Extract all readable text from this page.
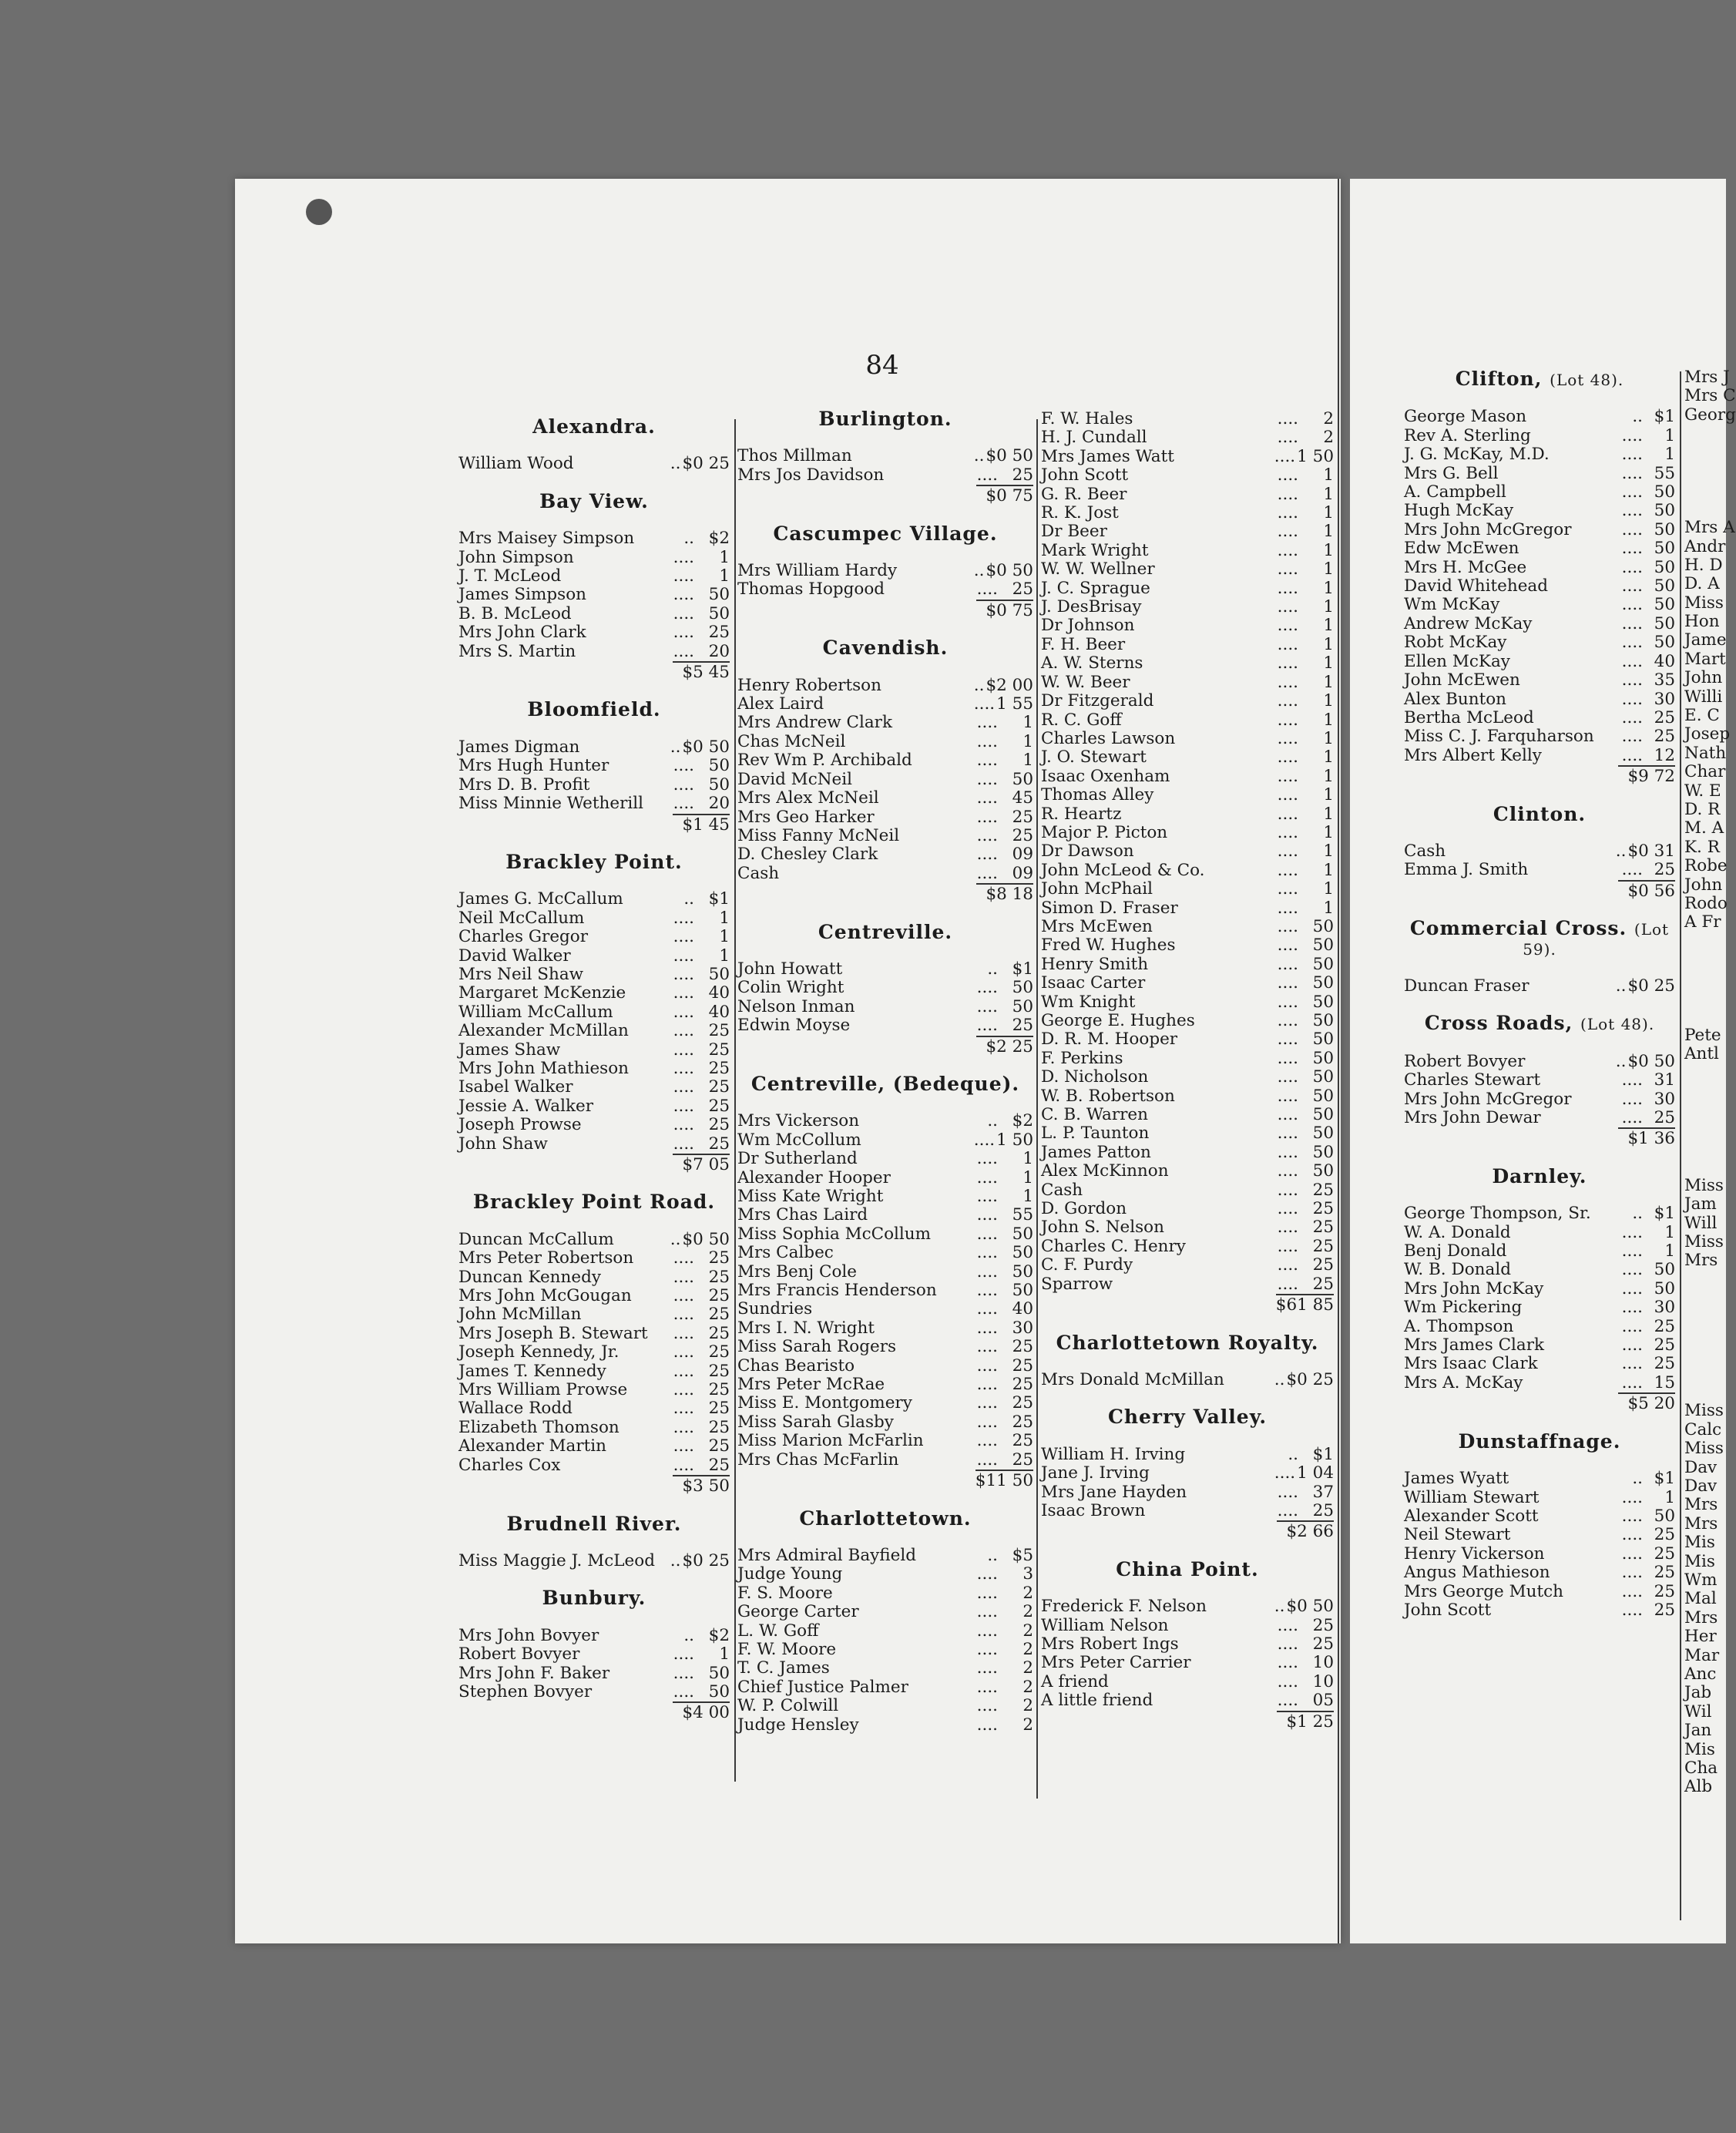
84
Alexandra.
William Wood	.. $0 25
Bay View.
Mrs Maisey Simpson	.. $2
John Simpson	....	1
J. T. McLeod	....	1
James Simpson	.... 50
B. B. McLeod	.... 50
Mrs John Clark	.... 25
Mrs S. Martin	.... 20
$5 45
Bloomfield.
James Digman	.. $0 50
Mrs Hugh Hunter	.... 50
Mrs D. B. Profit	.... 50
Miss Minnie Wetherill	.... 20
$1 45
Brackley Point.
James G. McCallum	.. $1
Neil McCallum	....	1
Charles Gregor	....	1
David Walker	....	1
Mrs Neil Shaw	.... 50
Margaret McKenzie	.... 40
William McCallum	.... 40
Alexander McMillan	.... 25
James Shaw	.... 25
Mrs John Mathieson	.... 25
Isabel Walker	.... 25
Jessie A. Walker	.... 25
Joseph Prowse	.... 25
John Shaw	.... 25
$7 05
Brackley Point Road.
Duncan McCallum	.. $0 50
Mrs Peter Robertson	.... 25
Duncan Kennedy	.... 25
Mrs John McGougan	.... 25
John McMillan	.... 25
Mrs Joseph B. Stewart	.... 25
Joseph Kennedy, Jr.	.... 25
James T. Kennedy	.... 25
Mrs William Prowse	.... 25
Wallace Rodd	.... 25
Elizabeth Thomson	.... 25
Alexander Martin	.... 25
Charles Cox	.... 25
$3 50
Brudnell River.
Miss Maggie J. McLeod .. $0 25
Bunbury.
Mrs John Bovyer	.. $2
Robert Bovyer	....	1
Mrs John F. Baker	.... 50
Stephen Bovyer	.... 50
$4 00
Burlington.
Thos Millman	.. $0 50
Mrs Jos Davidson	.... 25
$0 75
Cascumpec Village.
Mrs William Hardy	.. $0 50
Thomas Hopgood	.... 25
$0 75
Cavendish.
Henry Robertson	.. $2 00
Alex Laird	.... 1 55
Mrs Andrew Clark	....	1
Chas McNeil	....	1
Rev Wm P. Archibald	....	1
David McNeil	.... 50
Mrs Alex McNeil	.... 45
Mrs Geo Harker	.... 25
Miss Fanny McNeil	.... 25
D. Chesley Clark	.... 09
Cash	.... 09
$8 18
Centreville.
John Howatt	.. $1
Colin Wright	.... 50
Nelson Inman	.... 50
Edwin Moyse	.... 25
$2 25
Centreville, (Bedeque).
Mrs Vickerson	.. $2
Wm McCollum	.... 1 50
Dr Sutherland	....	1
Alexander Hooper	....	1
Miss Kate Wright	....	1
Mrs Chas Laird	.... 55
Miss Sophia McCollum	.... 50
Mrs Calbec	.... 50
Mrs Benj Cole	.... 50
Mrs Francis Henderson	.... 50
Sundries	.... 40
Mrs I. N. Wright	.... 30
Miss Sarah Rogers	.... 25
Chas Bearisto	.... 25
Mrs Peter McRae	.... 25
Miss E. Montgomery	.... 25
Miss Sarah Glasby	.... 25
Miss Marion McFarlin	.... 25
Mrs Chas McFarlin	.... 25
$11 50
Charlottetown.
Mrs Admiral Bayfield	.. $5
Judge Young	....	3
F. S. Moore	....	2
George Carter	....	2
L. W. Goff	....	2
F. W. Moore	....	2
T. C. James	....	2
Chief Justice Palmer	....	2
W. P. Colwill	....	2
Judge Hensley	....	2
F. W. Hales	....	2
H. J. Cundall	....	2
Mrs James Watt	.... 1 50
John Scott	....	1
G. R. Beer	....	1
R. K. Jost	....	1
Dr Beer	....	1
Mark Wright	....	1
W. W. Wellner	....	1
J. C. Sprague	....	1
J. DesBrisay	....	1
Dr Johnson	....	1
F. H. Beer	....	1
A. W. Sterns	....	1
W. W. Beer	....	1
Dr Fitzgerald	....	1
R. C. Goff	....	1
Charles Lawson	....	1
J. O. Stewart	....	1
Isaac Oxenham	....	1
Thomas Alley	....	1
R. Heartz	....	1
Major P. Picton	....	1
Dr Dawson	....	1
John McLeod & Co.	....	1
John McPhail	....	1
Simon D. Fraser	....	1
Mrs McEwen	.... 50
Fred W. Hughes	.... 50
Henry Smith	.... 50
Isaac Carter	.... 50
Wm Knight	.... 50
George E. Hughes	.... 50
D. R. M. Hooper	.... 50
F. Perkins	.... 50
D. Nicholson	.... 50
W. B. Robertson	.... 50
C. B. Warren	.... 50
L. P. Taunton	.... 50
James Patton	.... 50
Alex McKinnon	.... 50
Cash	.... 25
D. Gordon	.... 25
John S. Nelson	.... 25
Charles C. Henry	.... 25
C. F. Purdy	.... 25
Sparrow	.... 25
$61 85
Charlottetown Royalty.
Mrs Donald McMillan	.. $0 25
Cherry Valley.
William H. Irving	.. $1
Jane J. Irving	.... 1 04
Mrs Jane Hayden	.... 37
Isaac Brown	.... 25
$2 66
China Point.
Frederick F. Nelson	.. $0 50
William Nelson	.... 25
Mrs Robert Ings	.... 25
Mrs Peter Carrier	.... 10
A friend	.... 10
A little friend	.... 05
$1 25
Clifton, (Lot 48).
George Mason	.. $1
Rev A. Sterling	....	1
J. G. McKay, M.D.	....	1
Mrs G. Bell	.... 55
A. Campbell	.... 50
Hugh McKay	.... 50
Mrs John McGregor	.... 50
Edw McEwen	.... 50
Mrs H. McGee	.... 50
David Whitehead	.... 50
Wm McKay	.... 50
Andrew McKay	.... 50
Robt McKay	.... 50
Ellen McKay	.... 40
John McEwen	.... 35
Alex Bunton	.... 30
Bertha McLeod	.... 25
Miss C. J. Farquharson	.... 25
Mrs Albert Kelly	.... 12
$9 72
Clinton.
Cash	.. $0 31
Emma J. Smith	.... 25
$0 56
Commercial Cross. (Lot 59).
Duncan Fraser	.. $0 25
Cross Roads, (Lot 48).
Robert Bovyer	.. $0 50
Charles Stewart	.... 31
Mrs John McGregor	.... 30
Mrs John Dewar	.... 25
$1 36
Darnley.
George Thompson, Sr.	.. $1
W. A. Donald	....	1
Benj Donald	....	1
W. B. Donald	.... 50
Mrs John McKay	.... 50
Wm Pickering	.... 30
A. Thompson	.... 25
Mrs James Clark	.... 25
Mrs Isaac Clark	.... 25
Mrs A. McKay	.... 15
$5 20
Dunstaffnage.
James Wyatt	.. $1
William Stewart	....	1
Alexander Scott	.... 50
Neil Stewart	.... 25
Henry Vickerson	.... 25
Angus Mathieson	.... 25
Mrs George Mutch	.... 25
John Scott	.... 25
Mrs J
Mrs C
Georg
Mrs A
Andr
H. D
D. A
Miss
Hon
Jame
Mart
John
Willi
E. C
Josep
Nath
Char
W. E
D. R
M. A
K. R
Robe
John
Rodo
A Fr
Pete
Antl
Miss
Jam
Will
Miss
Mrs
Miss
Calc
Miss
Dav
Dav
Mrs
Mrs
Mis
Mis
Wm
Mal
Mrs
Her
Mar
Anc
Jab
Wil
Jan
Mis
Cha
Alb
